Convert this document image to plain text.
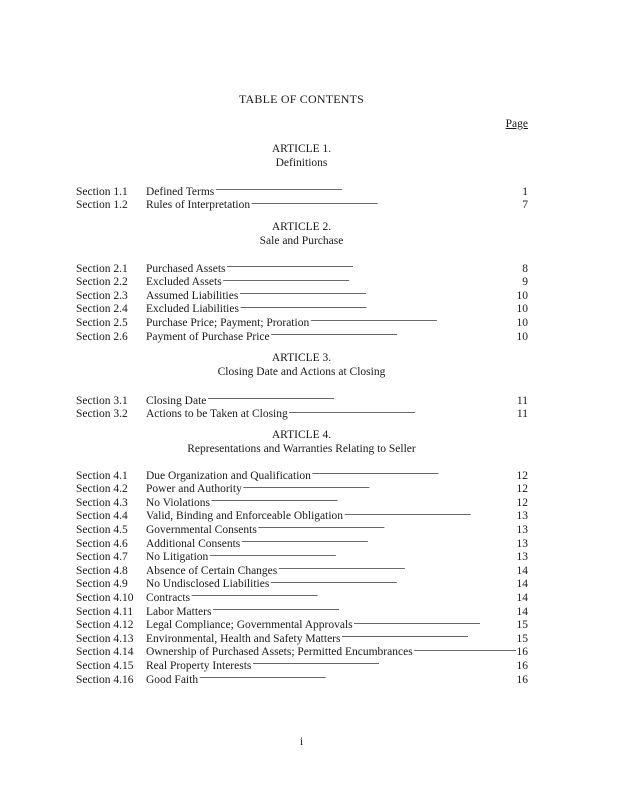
TABLE OF CONTENTS
Page
ARTICLE 1.
Definitions
Section 1.1	Defined Terms . . .	1
Section 1.2	Rules of Interpretation . . .	7
ARTICLE 2.
Sale and Purchase
Section 2.1	Purchased Assets . . .	8
Section 2.2	Excluded Assets . . .	9
Section 2.3	Assumed Liabilities . . .	10
Section 2.4	Excluded Liabilities . . .	10
Section 2.5	Purchase Price; Payment; Proration . . .	10
Section 2.6	Payment of Purchase Price . . .	10
ARTICLE 3.
Closing Date and Actions at Closing
Section 3.1	Closing Date . . .	11
Section 3.2	Actions to be Taken at Closing . . .	11
ARTICLE 4.
Representations and Warranties Relating to Seller
Section 4.1	Due Organization and Qualification . . .	12
Section 4.2	Power and Authority . . .	12
Section 4.3	No Violations . . .	12
Section 4.4	Valid, Binding and Enforceable Obligation . . .	13
Section 4.5	Governmental Consents . . .	13
Section 4.6	Additional Consents . . .	13
Section 4.7	No Litigation . . .	13
Section 4.8	Absence of Certain Changes . . .	14
Section 4.9	No Undisclosed Liabilities . . .	14
Section 4.10	Contracts . . .	14
Section 4.11	Labor Matters . . .	14
Section 4.12	Legal Compliance; Governmental Approvals . . .	15
Section 4.13	Environmental, Health and Safety Matters . . .	15
Section 4.14	Ownership of Purchased Assets; Permitted Encumbrances . . .	16
Section 4.15	Real Property Interests . . .	16
Section 4.16	Good Faith . . .	16
i
